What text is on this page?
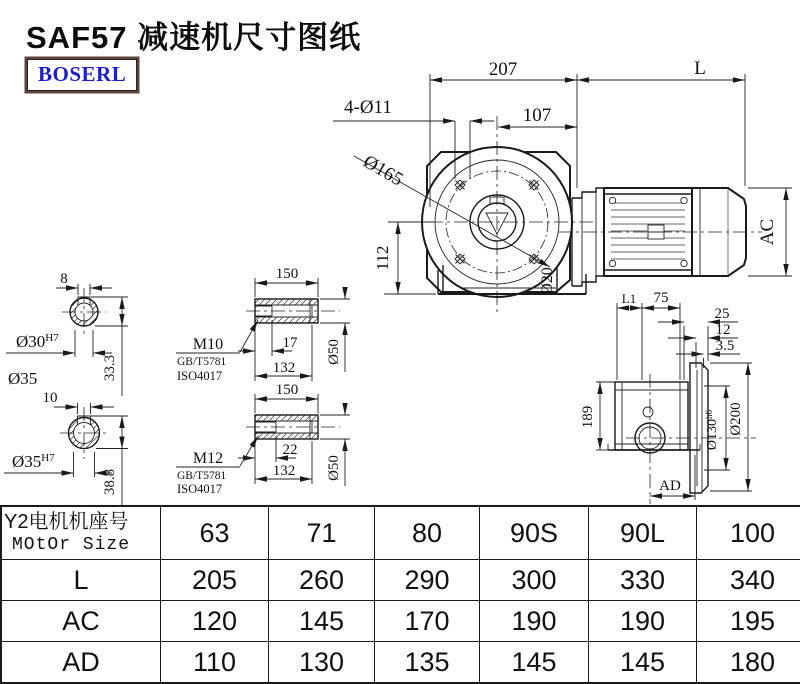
SAF57 减速机尺寸图纸
BOSERL	207	L
4-Ø11	107
Ø165
112
AC
Ø20
8
$Ø30^{H7}$
33.3
Ø35
150
Ø50
17
132
M10
GB/T5781
ISO4017
10
$Ø35^{H7}$
38.8
150
Ø50
22
132
M12
GB/T5781
ISO4017
L1 75
25
12
3.5
189
$Ø130^{h6}$ Ø200
AD
Y2电机机座号
MOtOr Size	63	71	80	90S	90L	100
L	205	260	290	300	330	340
AC	120	145	170	190	190	195
AD	110	130	135	145	145	180
